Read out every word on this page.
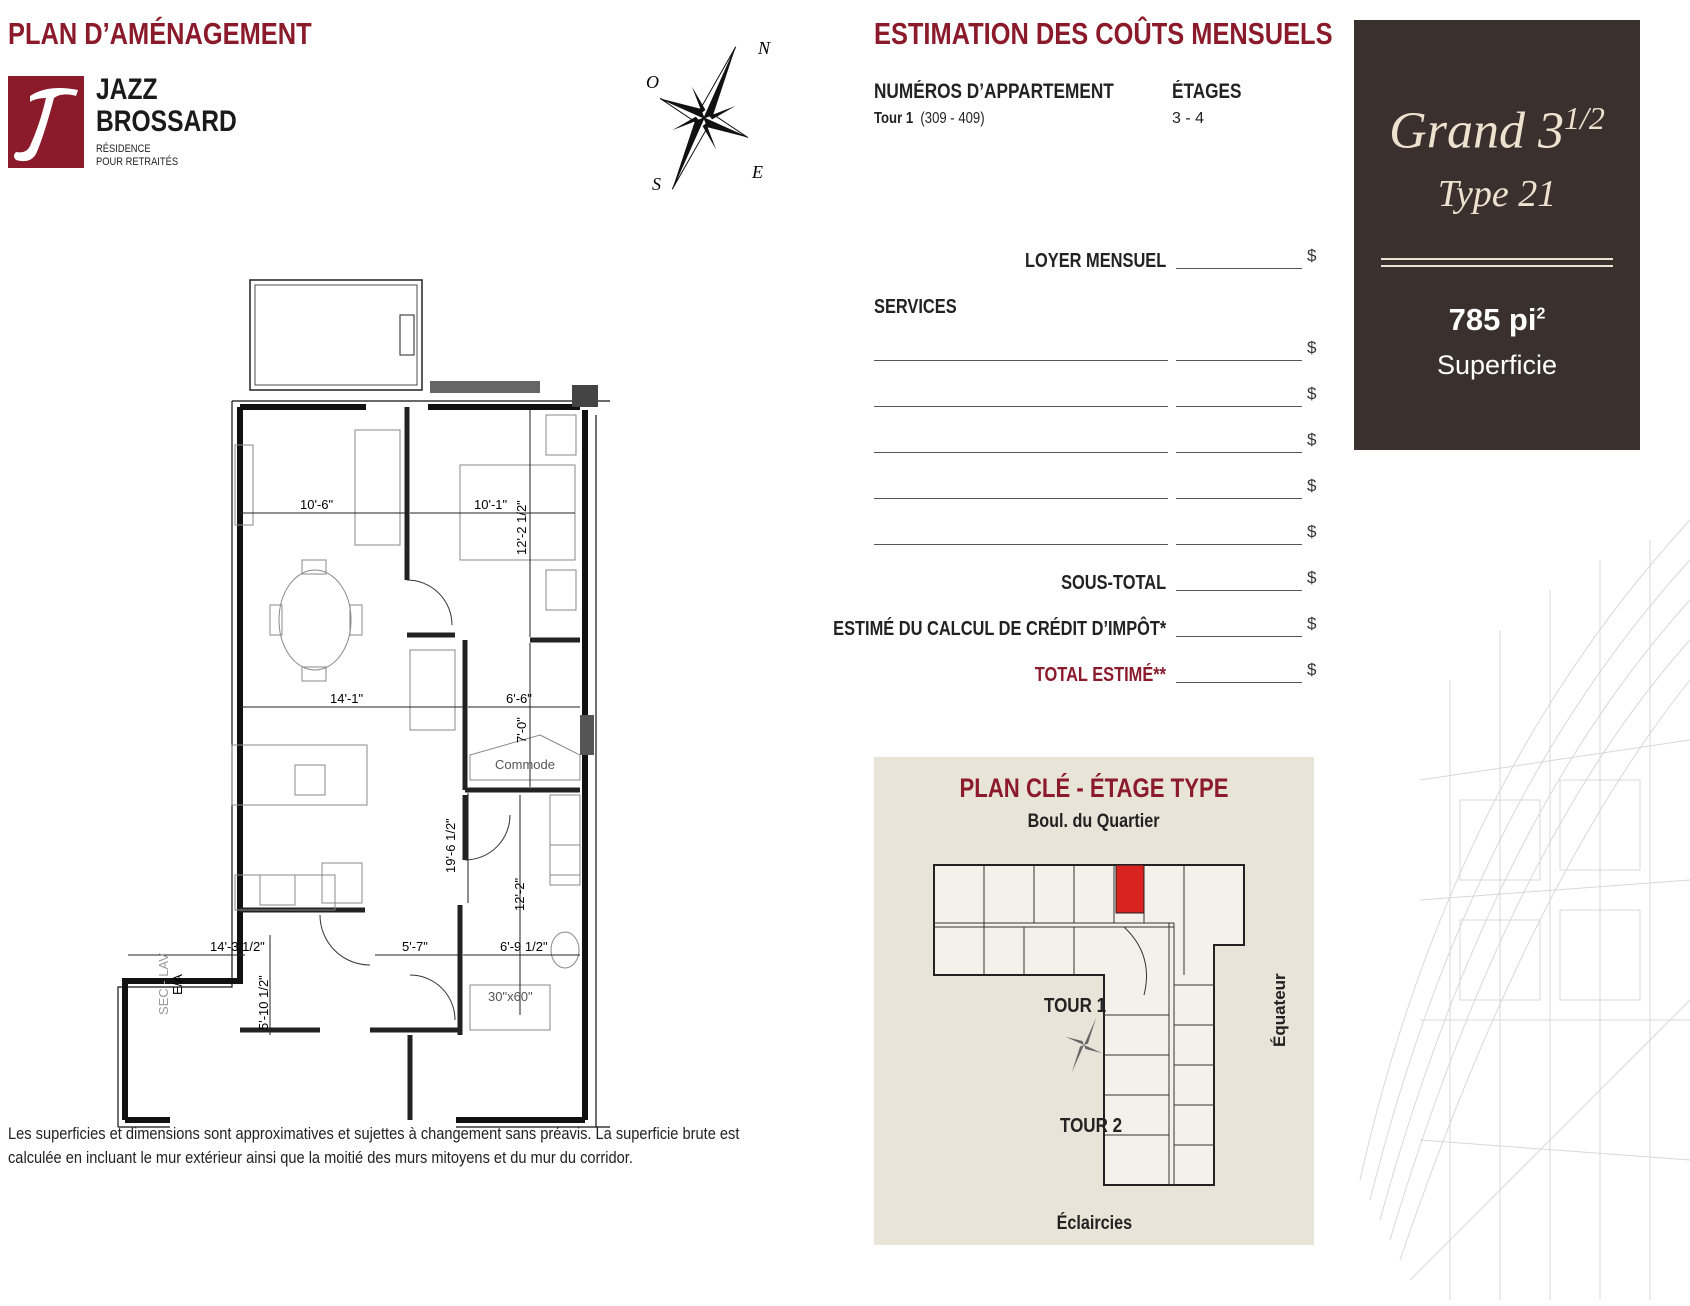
PLAN D’AMÉNAGEMENT
JAZZ
BROSSARD
RÉSIDENCE
POUR RETRAITÉS
N
O
S
E
10'-6"	10'-1" 12'-2 1/2"
14'-1"	6'-6"
7'-0"
Commode
19'-6 1/2"
12'-2"
14'-3 1/2"	5'-7"	6'-9 1/2"
5'-10 1/2"	30"x60"
E/A
SEC - LAV
Les superficies et dimensions sont approximatives et sujettes à changement sans préavis. La superficie brute est
calculée en incluant le mur extérieur ainsi que la moitié des murs mitoyens et du mur du corridor.
ESTIMATION DES COÛTS MENSUELS
NUMÉROS D’APPARTEMENT
Tour 1 (309 - 409)
ÉTAGES
3 - 4
LOYER MENSUEL	$
SERVICES
$
$
$
$
$
SOUS-TOTAL	$
ESTIMÉ DU CALCUL DE CRÉDIT D’IMPÔT*	$
TOTAL ESTIMÉ**	$
Grand $3^{1/2}$
Type 21
785 $pi^2$
Superficie
PLAN CLÉ - ÉTAGE TYPE
Boul. du Quartier
TOUR 1
TOUR 2
Équateur
Éclaircies
